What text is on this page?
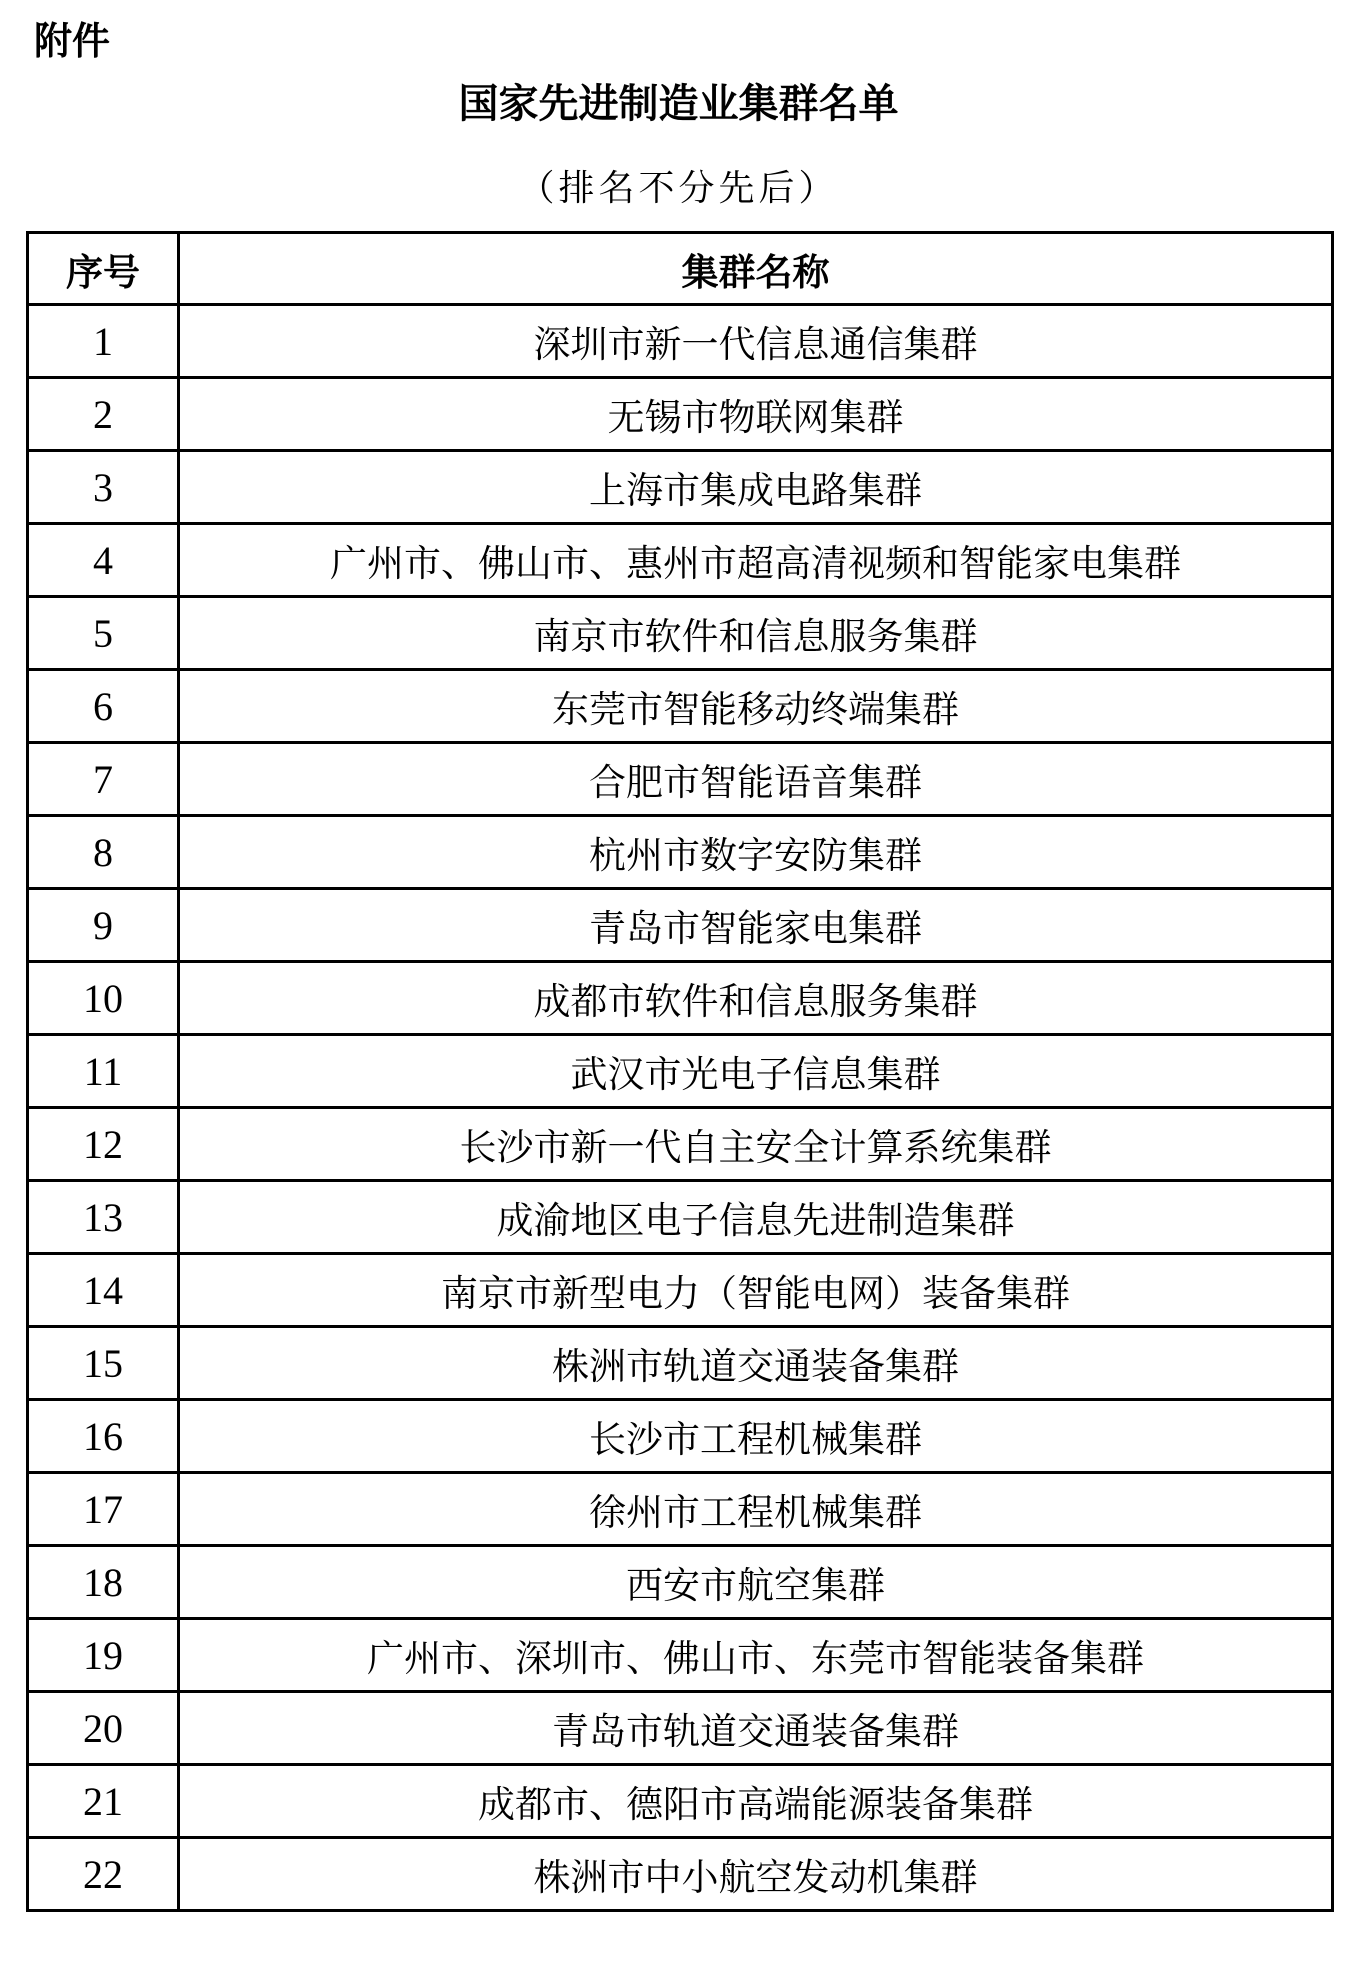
附件
国家先进制造业集群名单
（排名不分先后）
序号	集群名称
1	深圳市新一代信息通信集群
2	无锡市物联网集群
3	上海市集成电路集群
4	广州市、佛山市、惠州市超高清视频和智能家电集群
5	南京市软件和信息服务集群
6	东莞市智能移动终端集群
7	合肥市智能语音集群
8	杭州市数字安防集群
9	青岛市智能家电集群
10	成都市软件和信息服务集群
11	武汉市光电子信息集群
12	长沙市新一代自主安全计算系统集群
13	成渝地区电子信息先进制造集群
14	南京市新型电力（智能电网）装备集群
15	株洲市轨道交通装备集群
16	长沙市工程机械集群
17	徐州市工程机械集群
18	西安市航空集群
19	广州市、深圳市、佛山市、东莞市智能装备集群
20	青岛市轨道交通装备集群
21	成都市、德阳市高端能源装备集群
22	株洲市中小航空发动机集群
